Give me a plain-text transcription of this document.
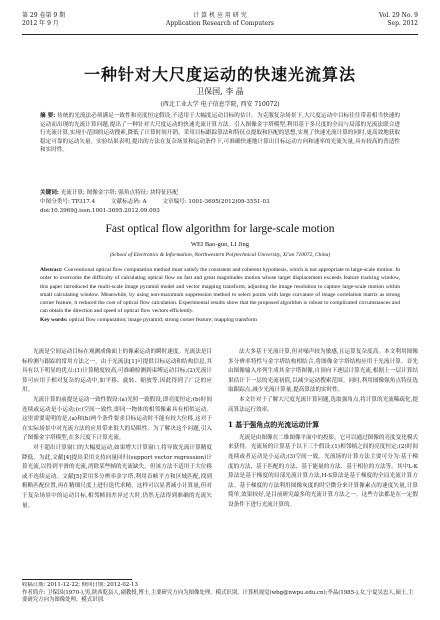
第 29 卷第 9 期
2012 年 9 月
计 算 机 应 用 研 究
Application Research of Computers
Vol. 29 No. 9
Sep. 2012
一种针对大尺度运动的快速光流算法
卫保国, 李 晶
(西北工业大学 电子信息学院, 西安 710072)
摘 要: 传统的光流法必须满足一致性和亮度恒定假设,不适用于大幅度运动目标的估计。为克服复杂场景下,大尺度运动中目标往往带着相当快速的运动而出现的光流计算问题,提出了一种针对大尺度运动的快速光流计算方法。引入图像金字塔模型,利用基于多尺度的全局与局部的光流法联合进行光流计算,实现小范围的运动搜索,降低了计算时间开销。采用目标跟踪算法和特征点提取和匹配的思想,实现了快速光流计算的同时,更高效地获取稳定可靠的运动矢量。实验结果表明,提出的方法在复杂场景和运动条件下,可准确快速地计算出目标运动方向和速率的光流矢量,具有较高的普适性和实时性。
关键词: 光流计算; 图像金字塔; 强角点特征; 块特征匹配
中图分类号: TP317.4	文献标志码: A	文章编号: 1001-3695(2012)09-3551-03
doi:10.3969/j.issn.1001-3695.2012.09.093
Fast optical flow algorithm for large-scale motion
WEI Bao-guo, LI Jing
(School of Electronics & Information, Northwestern Polytechnical University, Xi'an 710072, China)
Abstract: Conventional optical flow computation method must satisfy the consistent and coherent hypothesis, which is not appropriate to large-scale motion. In order to overcome the difficulty of calculating optical flow on fast and great magnitudes motion whose target displacement exceeds feature tracking window, this paper introduced the multi-scale image pyramid model and vector mapping transform, adjusting the image resolution to capture large-scale motion within small calculating window. Meanwhile, by using non-maximum suppression method to select points with large curvature of image correlation matrix as strong corner feature, it reduced the cost of optical flow calculation. Experimental results show that the proposed algorithm is robust to complicated circumstances and can obtain the direction and speed of optical flow vectors efficiently.
Key words: optical flow computation; image pyramid; strong corner feature; mapping transform

光流是空间运动目标在观测成像面上的像素运动的瞬时速度。光流法是目标检测与跟踪的常用方法之一。由于光流法[1]可提供目标运动和结构信息,其具有以下明显的优点:(1)计算精度较高,可准确检测到束缚运动目标;(2)光流计算可应用于相对复杂的运动中,如平移、旋转、缩放等,因此得到了广泛的应用。

光流计算的前提是运动一致性假设:(a)光照一致假设,即亮度恒定;(b)时间连续或运动是小运动;(c)空间一致性,即同一物体的相邻像素具有相似运动。这里需要说明的是,(a)和(b)两个条件要求目标运动时不能有较大位移,这对于在实际场景中对光流方法的应用带来很大的局限性。为了解决这个问题,引入了图像金字塔模型,在多尺度下计算光流。

对于超出计算窗口的大幅度运动,如果增大计算窗口,将导致光流计算精度降低。为此,文献[4]提出采用支持向量回归(support vector regression)计算光流,以得到平滑的光流,消除某些帧的光流缺失。但该方法不适用于大位移或不连续运动。文献[5]采用多分辨率金字塔,利用首帧平方和区域匹配,找到粗略匹配位置,再在精细尺度上进行迭代求精。这样可以显著减小计算量,但对于复杂场景中的运动目标,相邻帧间差异过大时,仍然无法得到准确的光流矢量。

法大多基于光流计算,但对噪声较为敏感,且运算复杂度高。本文利用图像多分辨率特性与金字塔结构相结合,将图像金字塔结构应用于光流计算。首先由图像输入序列生成其金字塔图像,自顶向下逐层计算光流,根据上一层计算结果估计下一层的光流初值,以减少运动搜索范围。同时,利用图像强角点特征选取跟踪点,减少光流计算量,提高算法的实时性。

本文针对于了解大尺度光流计算问题,选取强角点,将计算的光流稀疏化,提高算法运行效率。

1 基于强角点的光流运动计算

光流是由图像在二维图像平面中的投影。它可以通过图像的亮度变化模式来获得。光流场的计算基于以下三个假设:(1)相邻帧之间的亮度恒定;(2)时间连续或者运动是小运动;(3)空间一致。光流场的计算方法主要可分为:基于梯度的方法、基于匹配的方法、基于能量的方法、基于相位的方法等。其中L-K算法是基于梯度的局部光流计算方法,H-S算法是基于梯度的全局光流计算方法。基于梯度的方法利用图像灰度的时空微分来计算像素点的速度矢量,计算简单,效果较好,是目前研究最多的光流计算方法之一。这些方法都是在一定假设条件下进行光流计算的。

收稿日期: 2011-12-22; 修回日期: 2012-02-13
作者简介: 卫保国(1970-),男,陕西乾县人,副教授,博士,主要研究方向为图像处理、模式识别、计算机视觉(wbg@nwpu.edu.cn);李晶(1985-),女,宁夏吴忠人,硕士,主要研究方向为图像处理、模式识别.
